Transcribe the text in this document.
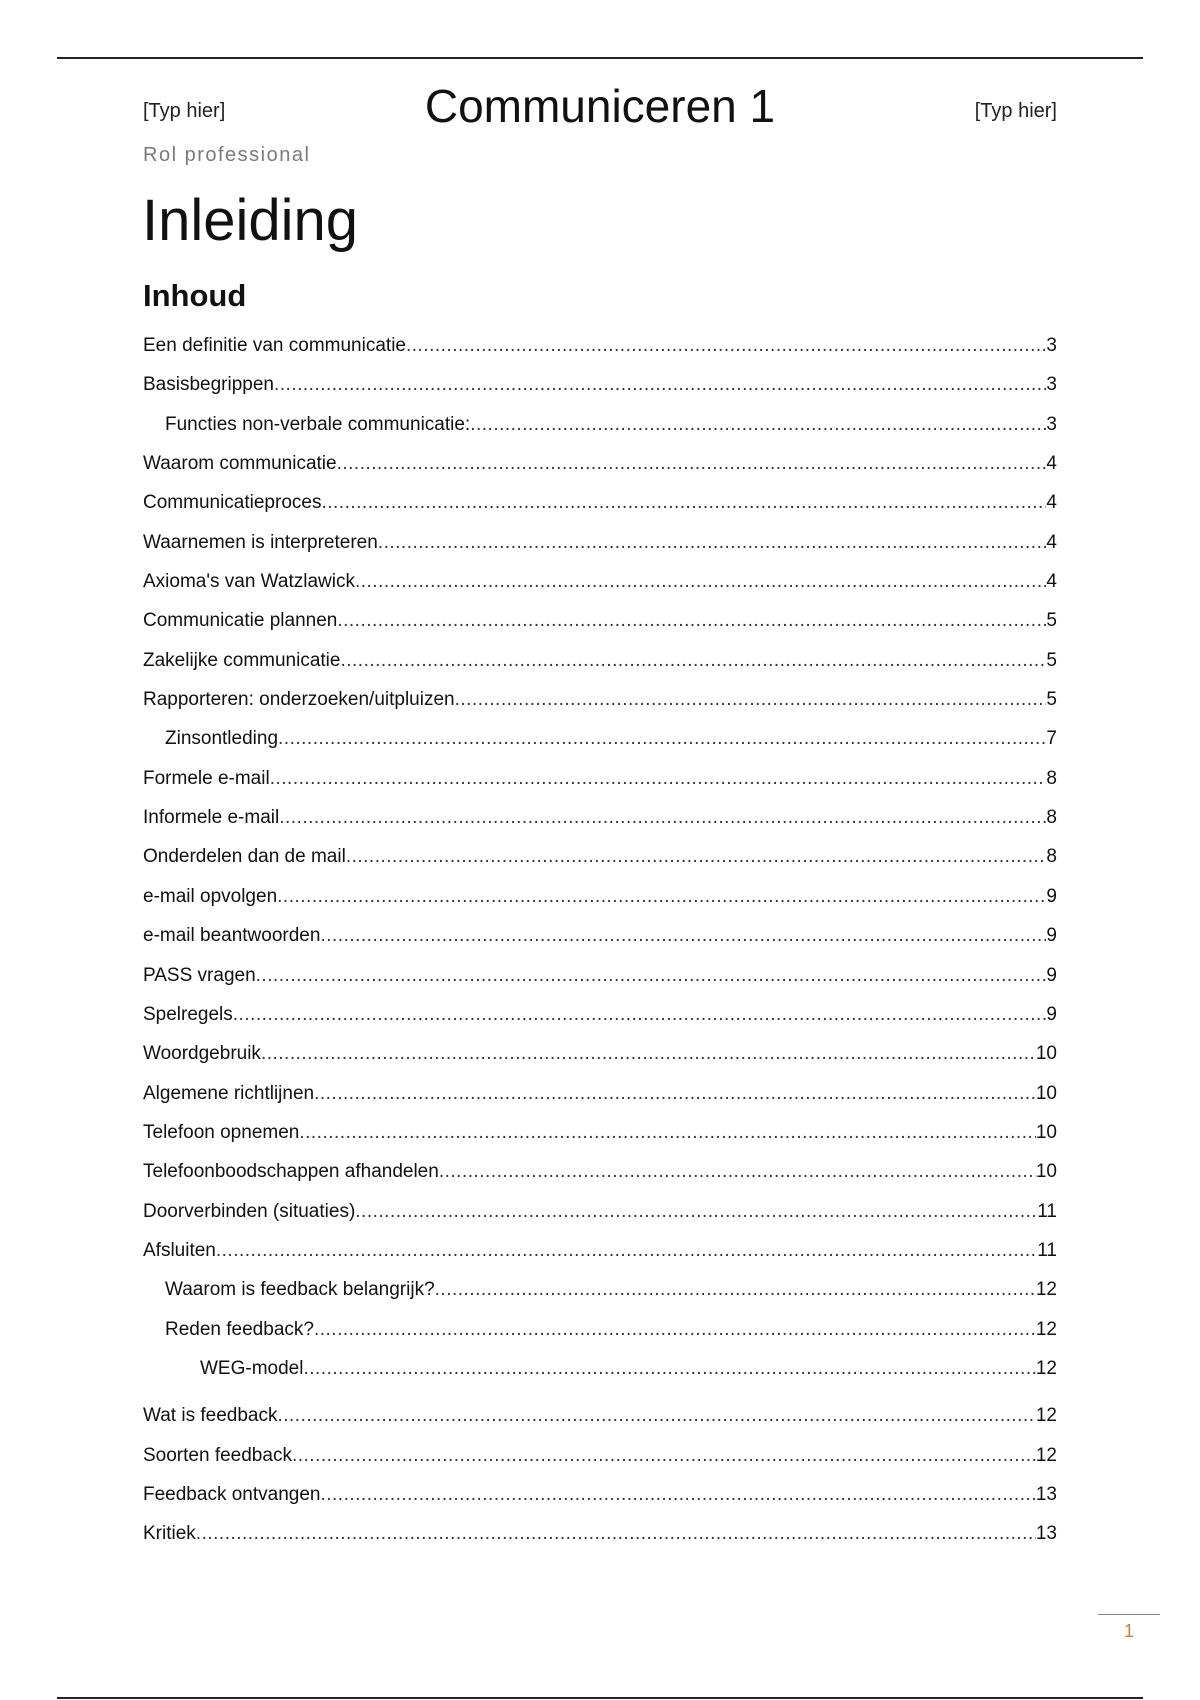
[Typ hier]	Communiceren 1	[Typ hier]
Rol professional
Inleiding
Inhoud
Een definitie van communicatie .....	3
Basisbegrippen .....	3
Functies non-verbale communicatie: .....	3
Waarom communicatie .....	4
Communicatieproces .....	4
Waarnemen is interpreteren .....	4
Axioma's van Watzlawick .....	4
Communicatie plannen .....	5
Zakelijke communicatie .....	5
Rapporteren: onderzoeken/uitpluizen .....	5
Zinsontleding .....	7
Formele e-mail .....	8
Informele e-mail .....	8
Onderdelen dan de mail .....	8
e-mail opvolgen .....	9
e-mail beantwoorden .....	9
PASS vragen .....	9
Spelregels .....	9
Woordgebruik .....	10
Algemene richtlijnen .....	10
Telefoon opnemen .....	10
Telefoonboodschappen afhandelen .....	10
Doorverbinden (situaties) .....	11
Afsluiten .....	11
Waarom is feedback belangrijk? .....	12
Reden feedback? .....	12
WEG-model .....	12
Wat is feedback .....	12
Soorten feedback .....	12
Feedback ontvangen .....	13
Kritiek .....	13
1
